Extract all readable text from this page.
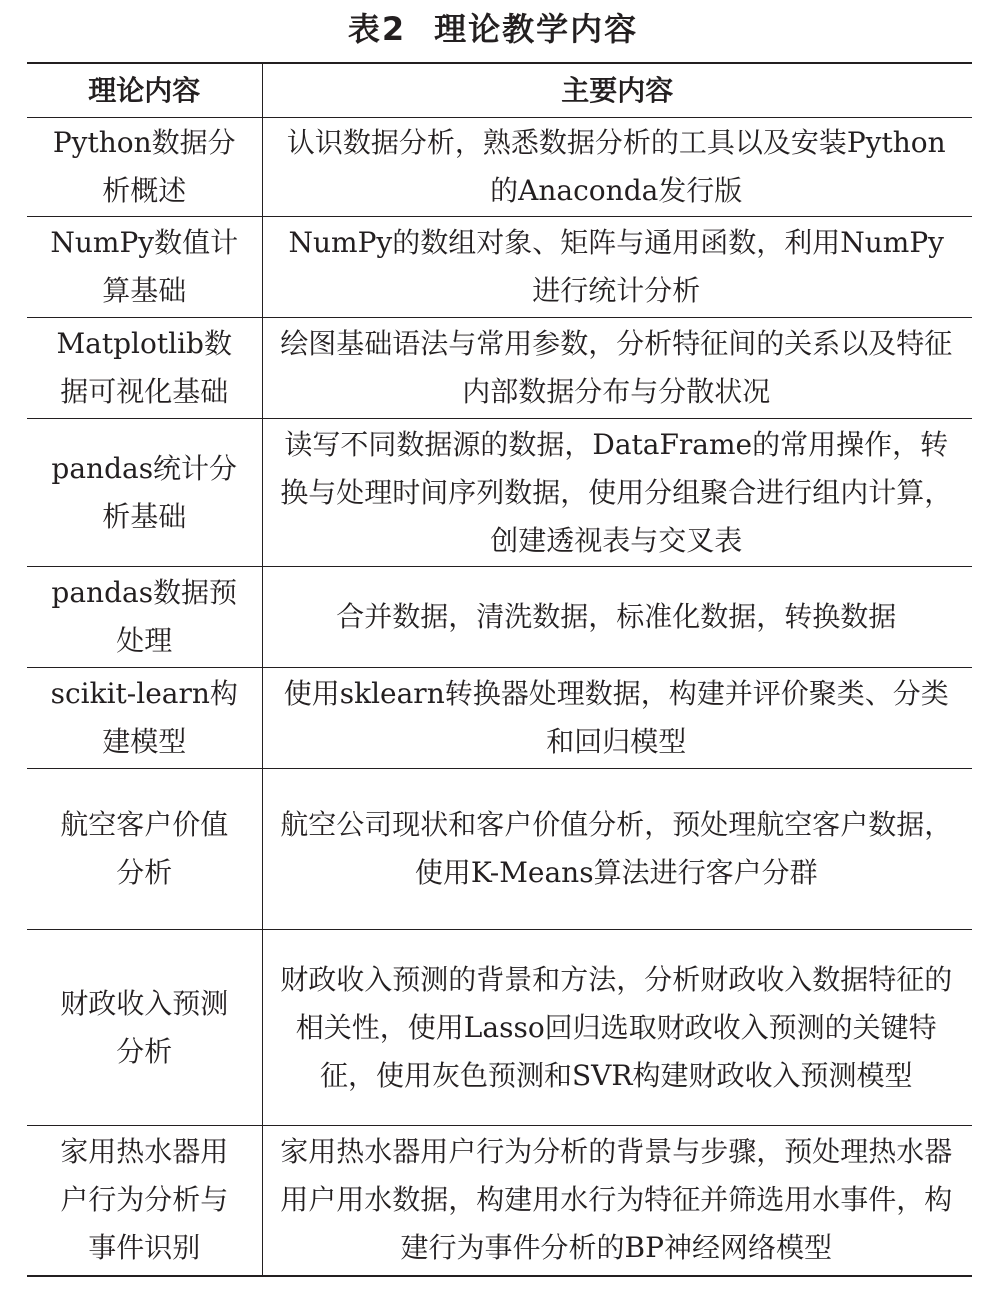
表2 理论教学内容
理论内容	主要内容
Python数据分析概述	认识数据分析，熟悉数据分析的工具以及安装Python的Anaconda发行版
NumPy数值计算基础	NumPy的数组对象、矩阵与通用函数，利用NumPy进行统计分析
Matplotlib数据可视化基础	绘图基础语法与常用参数，分析特征间的关系以及特征内部数据分布与分散状况
pandas统计分析基础	读写不同数据源的数据，DataFrame的常用操作，转换与处理时间序列数据，使用分组聚合进行组内计算，创建透视表与交叉表
pandas数据预处理	合并数据，清洗数据，标准化数据，转换数据
scikit-learn构建模型	使用sklearn转换器处理数据，构建并评价聚类、分类和回归模型
航空客户价值分析	航空公司现状和客户价值分析，预处理航空客户数据，使用K-Means算法进行客户分群
财政收入预测分析	财政收入预测的背景和方法，分析财政收入数据特征的相关性，使用Lasso回归选取财政收入预测的关键特征，使用灰色预测和SVR构建财政收入预测模型
家用热水器用户行为分析与事件识别	家用热水器用户行为分析的背景与步骤，预处理热水器用户用水数据，构建用水行为特征并筛选用水事件，构建行为事件分析的BP神经网络模型
